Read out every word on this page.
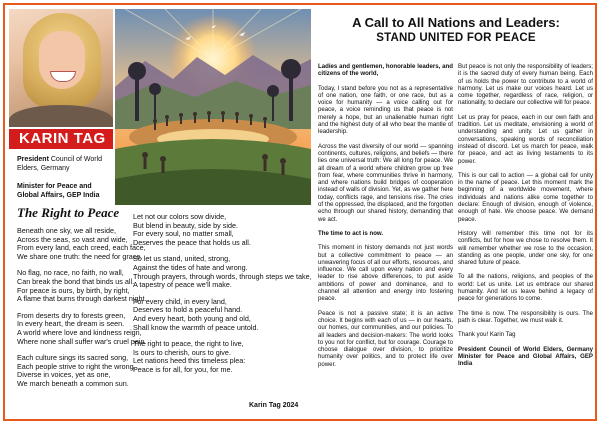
KARIN TAG
President Council of World Elders, Germany
Minister for Peace and Global Affairs, GEP India
The Right to Peace
Beneath one sky, we all reside,
Across the seas, so vast and wide,
From every land, each creed, each face,
We share one truth: the need for grace.
No flag, no race, no faith, no wall,
Can break the bond that binds us all.
For peace is ours, by birth, by right,
A flame that burns through darkest night.
From deserts dry to forests green,
In every heart, the dream is seen.
A world where love and kindness reign,
Where none shall suffer war's cruel pain.
Each culture sings its sacred song,
Each people strive to right the wrong.
Diverse in voices, yet as one,
We march beneath a common sun.
Let not our colors sow divide,
But blend in beauty, side by side.
For every soul, no matter small,
Deserves the peace that holds us all.
So let us stand, united, strong,
Against the tides of hate and wrong.
Through prayers, through words, through steps we take,
A tapestry of peace we'll make.
For every child, in every land,
Deserves to hold a peaceful hand.
And every heart, both young and old,
Shall know the warmth of peace untold.
The right to peace, the right to live,
Is ours to cherish, ours to give.
Let nations heed this timeless plea:
Peace is for all, for you, for me.
Karin Tag 2024
A Call to All Nations and Leaders:
STAND UNITED FOR PEACE

Ladies and gentlemen, honorable leaders, and citizens of the world,

Today, I stand before you not as a representative of one nation, one faith, or one race, but as a voice for humanity — a voice calling out for peace, a voice reminding us that peace is not merely a hope, but an unalienable human right and the highest duty of all who bear the mantle of leadership.

Across the vast diversity of our world — spanning continents, cultures, religions, and beliefs — there lies one universal truth: We all long for peace. We all dream of a world where children grow up free from fear, where communities thrive in harmony, and where nations build bridges of cooperation instead of walls of division. Yet, as we gather here today, conflicts rage, and tensions rise. The cries of the oppressed, the displaced, and the forgotten echo through our shared history, demanding that we act.

The time to act is now.

This moment in history demands not just words but a collective commitment to peace — an unwavering focus of all our efforts, resources, and influence. We call upon every nation and every leader to rise above differences, to put aside ambitions of power and dominance, and to channel all attention and energy into fostering peace.

Peace is not a passive state; it is an active choice. It begins with each of us — in our hearts, our homes, our communities, and our policies. To all leaders and decision-makers: The world looks to you not for conflict, but for courage. Courage to choose dialogue over division, to prioritize humanity over politics, and to protect life over power.

But peace is not only the responsibility of leaders; it is the sacred duty of every human being. Each of us holds the power to contribute to a world of harmony. Let us make our voices heard. Let us come together, regardless of race, religion, or nationality, to declare our collective will for peace.

Let us pray for peace, each in our own faith and tradition. Let us meditate, envisioning a world of understanding and unity. Let us gather in conversations, speaking words of reconciliation instead of discord. Let us march for peace, walk for peace, and act as living testaments to its power.

This is our call to action — a global call for unity in the name of peace. Let this moment mark the beginning of a worldwide movement, where individuals and nations alike come together to declare: Enough of division, enough of violence, enough of hate. We choose peace. We demand peace.

History will remember this time not for its conflicts, but for how we chose to resolve them. It will remember whether we rose to the occasion, standing as one people, under one sky, for one shared future of peace.

To all the nations, religions, and peoples of the world: Let us unite. Let us embrace our shared humanity. And let us leave behind a legacy of peace for generations to come.

The time is now. The responsibility is ours. The path is clear. Together, we must walk it.

Thank you! Karin Tag

President Council of World Elders, Germany Minister for Peace and Global Affairs, GEP India
